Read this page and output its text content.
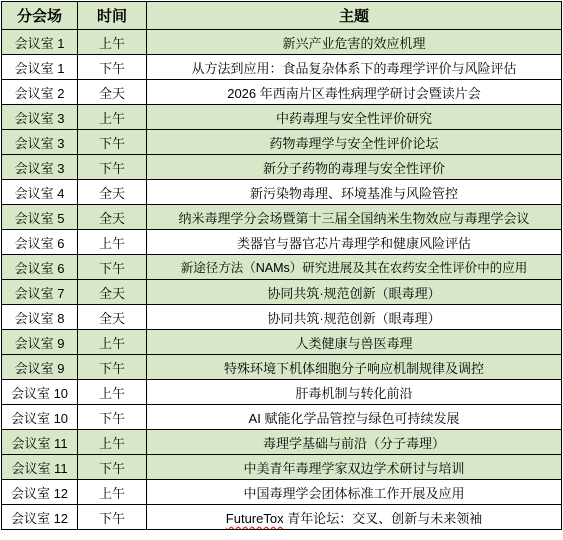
分会场	时间	主题
会议室 1	上午	新兴产业危害的效应机理
会议室 1	下午	从方法到应用：食品复杂体系下的毒理学评价与风险评估
会议室 2	全天	2026 年西南片区毒性病理学研讨会暨读片会
会议室 3	上午	中药毒理与安全性评价研究
会议室 3	下午	药物毒理学与安全性评价论坛
会议室 3	下午	新分子药物的毒理与安全性评价
会议室 4	全天	新污染物毒理、环境基准与风险管控
会议室 5	全天	纳米毒理学分会场暨第十三届全国纳米生物效应与毒理学会议
会议室 6	上午	类器官与器官芯片毒理学和健康风险评估
会议室 6	下午	新途径方法（NAMs）研究进展及其在农药安全性评价中的应用
会议室 7	全天	协同共筑·规范创新（眼毒理）
会议室 8	全天	协同共筑·规范创新（眼毒理）
会议室 9	上午	人类健康与兽医毒理
会议室 9	下午	特殊环境下机体细胞分子响应机制规律及调控
会议室 10	上午	肝毒机制与转化前沿
会议室 10	下午	AI 赋能化学品管控与绿色可持续发展
会议室 11	上午	毒理学基础与前沿（分子毒理）
会议室 11	下午	中美青年毒理学家双边学术研讨与培训
会议室 12	上午	中国毒理学会团体标准工作开展及应用
会议室 12	下午	FutureTox 青年论坛：交叉、创新与未来领袖
